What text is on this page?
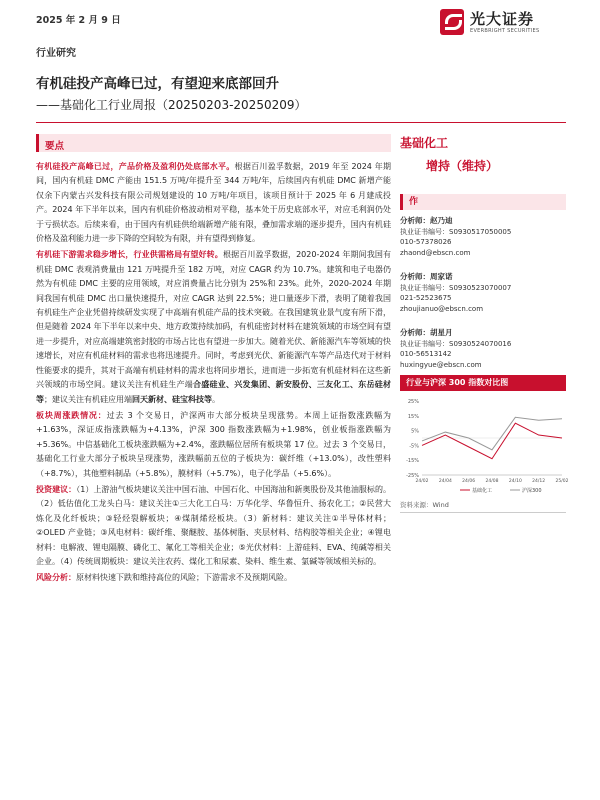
2025 年 2 月 9 日	光大证券
EVERBRIGHT SECURITIES
行业研究
有机硅投产高峰已过，有望迎来底部回升
——基础化工行业周报（20250203-20250209）
要点

有机硅投产高峰已过，产品价格及盈利仍处底部水平。根据百川盈孚数据，2019 年至 2024 年期间，国内有机硅 DMC 产能由 151.5 万吨/年提升至 344 万吨/年，后续国内有机硅 DMC 新增产能仅余下内蒙古兴发科技有限公司规划建设的 10 万吨/年项目，该项目预计于 2025 年 6 月建成投产。2024 年下半年以来，国内有机硅价格波动相对平稳，基本处于历史底部水平，对应毛利润仍处于亏损状态。后续来看，由于国内有机硅供给端新增产能有限，叠加需求端的逐步提升，国内有机硅价格及盈利能力进一步下降的空间较为有限，并有望得到修复。

有机硅下游需求稳步增长，行业供需格局有望好转。根据百川盈孚数据，2020-2024 年期间我国有机硅 DMC 表观消费量由 121 万吨提升至 182 万吨，对应 CAGR 约为 10.7%。建筑和电子电器仍然为有机硅 DMC 主要的应用领域，对应消费量占比分别为 25%和 23%。此外，2020-2024 年期间我国有机硅 DMC 出口量快速提升，对应 CAGR 达到 22.5%；进口量逐步下滑，表明了随着我国有机硅生产企业凭借持续研发实现了中高端有机硅产品的技术突破。在我国建筑业景气度有所下滑，但是随着 2024 年下半年以来中央、地方政策持续加码，有机硅密封材料在建筑领域的市场空间有望进一步提升，对应高端建筑密封胶的市场占比也有望进一步加大。随着光伏、新能源汽车等领域的快速增长，对应有机硅材料的需求也将迅速提升。同时，考虑到光伏、新能源汽车等产品迭代对于材料性能要求的提升，其对于高端有机硅材料的需求也将同步增长，进而进一步拓宽有机硅材料在这些新兴领域的市场空间。建议关注有机硅生产端合盛硅业、兴发集团、新安股份、三友化工、东岳硅材等；建议关注有机硅应用端回天新材、硅宝科技等。

板块周涨跌情况：过去 3 个交易日，沪深两市大部分板块呈现涨势。本周上证指数涨跌幅为+1.63%，深证成指涨跌幅为+4.13%，沪深 300 指数涨跌幅为+1.98%，创业板指涨跌幅为+5.36%。中信基础化工板块涨跌幅为+2.4%，涨跌幅位居所有板块第 17 位。过去 3 个交易日，基础化工行业大部分子板块呈现涨势，涨跌幅前五位的子板块为：碳纤维（+13.0%），改性塑料（+8.7%），其他塑料制品（+5.8%），膜材料（+5.7%），电子化学品（+5.6%）。

投资建议：（1）上游油气板块建议关注中国石油、中国石化、中国海油和新奥股份及其他油服标的。（2）低估值化工龙头白马：建议关注①三大化工白马：万华化学、华鲁恒升、扬农化工；②民营大炼化及化纤板块；③轻烃裂解板块；④煤制烯烃板块。（3）新材料：建议关注①半导体材料；②OLED 产业链；③风电材料：碳纤维、聚醚胺、基体树脂、夹层材料、结构胶等相关企业；④锂电材料：电解液、锂电隔膜、磷化工、氟化工等相关企业；⑤光伏材料：上游硅料、EVA、纯碱等相关企业。（4）传统周期板块：建议关注农药、煤化工和尿素、染料、维生素、氯碱等领域相关标的。

风险分析：原材料快速下跌和维持高位的风险；下游需求不及预期风险。

基础化工
增持（维持）
作
分析师：赵乃迪
执业证书编号：S0930517050005
010-57378026
zhaond@ebscn.com
分析师：周家诺
执业证书编号：S0930523070007
021-52523675
zhoujianuo@ebscn.com
分析师：胡星月
执业证书编号：S0930524070016
010-56513142
huxingyue@ebscn.com
行业与沪深 300 指数对比图
25%
15%
5%
-5%
-15%
-25%
24/02 24/04 24/06 24/08 24/10 24/12 25/02
基础化工	沪深300
资料来源：Wind
